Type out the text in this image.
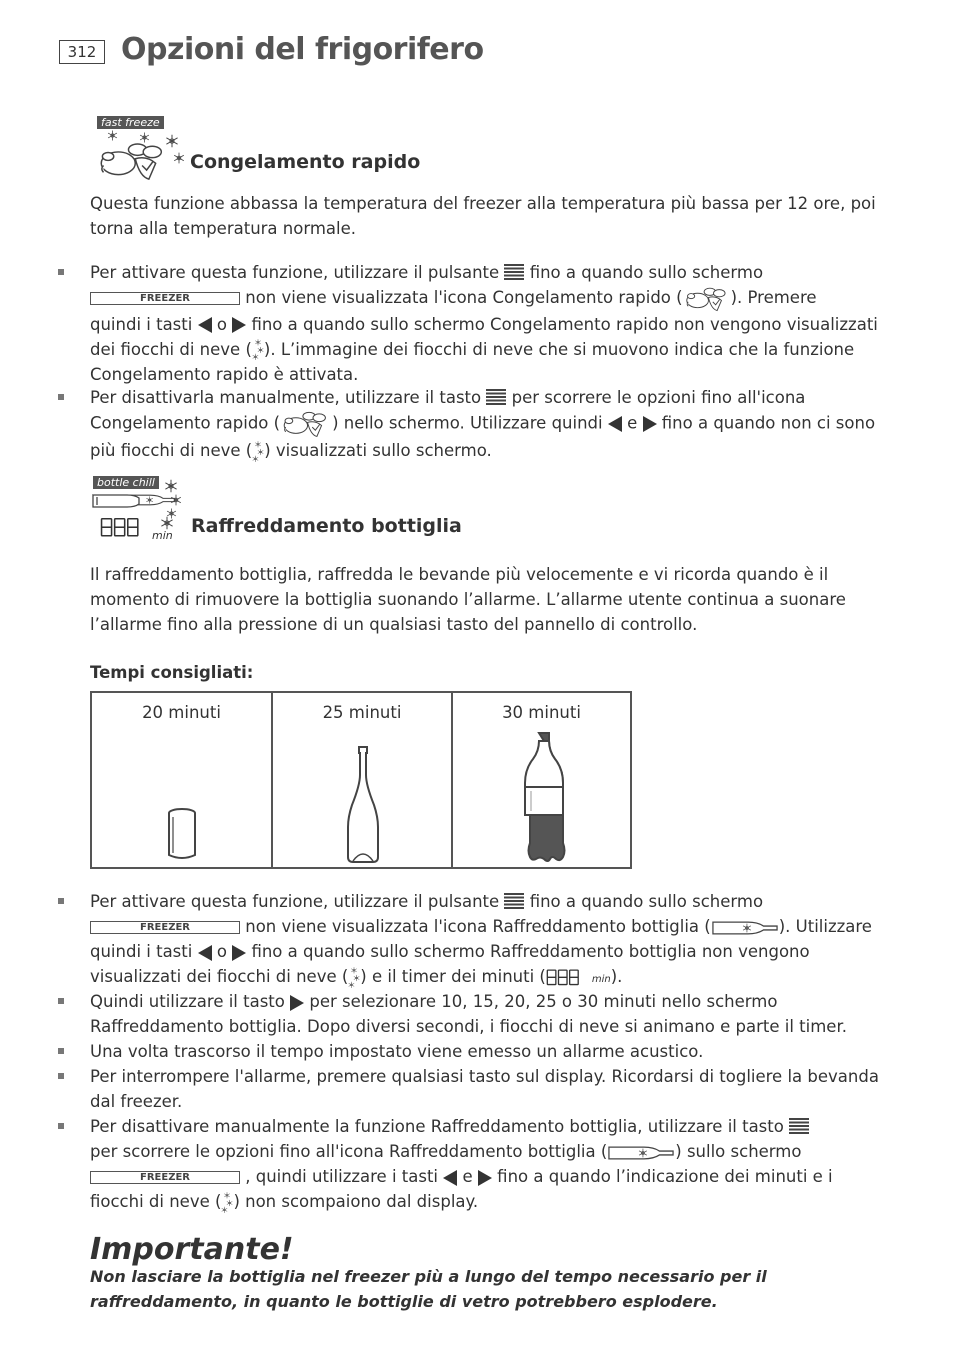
312 Opzioni del frigorifero
fast freeze
Congelamento rapido
Questa funzione abbassa la temperatura del freezer alla temperatura più bassa per 12 ore, poi torna alla temperatura normale.
Per attivare questa funzione, utilizzare il pulsante fino a quando sullo schermo
FREEZER	non viene visualizzata l'icona Congelamento rapido (	). Premere
quindi i tasti o fino a quando sullo schermo Congelamento rapido non vengono visualizzati
dei fiocchi di neve ( ). L’immagine dei fiocchi di neve che si muovono indica che la funzione
Congelamento rapido è attivata.
Per disattivarla manualmente, utilizzare il tasto per scorrere le opzioni fino all'icona
Congelamento rapido (	) nello schermo. Utilizzare quindi e fino a quando non ci sono
più fiocchi di neve ( ) visualizzati sullo schermo.
bottle chill
min Raffreddamento bottiglia
Il raffreddamento bottiglia, raffredda le bevande più velocemente e vi ricorda quando è il
momento di rimuovere la bottiglia suonando l’allarme. L’allarme utente continua a suonare
l’allarme fino alla pressione di un qualsiasi tasto del pannello di controllo.
Tempi consigliati:
20 minuti	25 minuti	30 minuti
Per attivare questa funzione, utilizzare il pulsante fino a quando sullo schermo
FREEZER	non viene visualizzata l'icona Raffreddamento bottiglia (	). Utilizzare
quindi i tasti o fino a quando sullo schermo Raffreddamento bottiglia non vengono
visualizzati dei fiocchi di neve ( ) e il timer dei minuti (	min).
Quindi utilizzare il tasto per selezionare 10, 15, 20, 25 o 30 minuti nello schermo
Raffreddamento bottiglia. Dopo diversi secondi, i fiocchi di neve si animano e parte il timer.
Una volta trascorso il tempo impostato viene emesso un allarme acustico.
Per interrompere l'allarme, premere qualsiasi tasto sul display. Ricordarsi di togliere la bevanda
dal freezer.
Per disattivare manualmente la funzione Raffreddamento bottiglia, utilizzare il tasto
per scorrere le opzioni fino all'icona Raffreddamento bottiglia (	) sullo schermo
FREEZER	, quindi utilizzare i tasti e fino a quando l’indicazione dei minuti e i
fiocchi di neve ( ) non scompaiono dal display.
Importante!
Non lasciare la bottiglia nel freezer più a lungo del tempo necessario per il raffreddamento, in quanto le bottiglie di vetro potrebbero esplodere.
